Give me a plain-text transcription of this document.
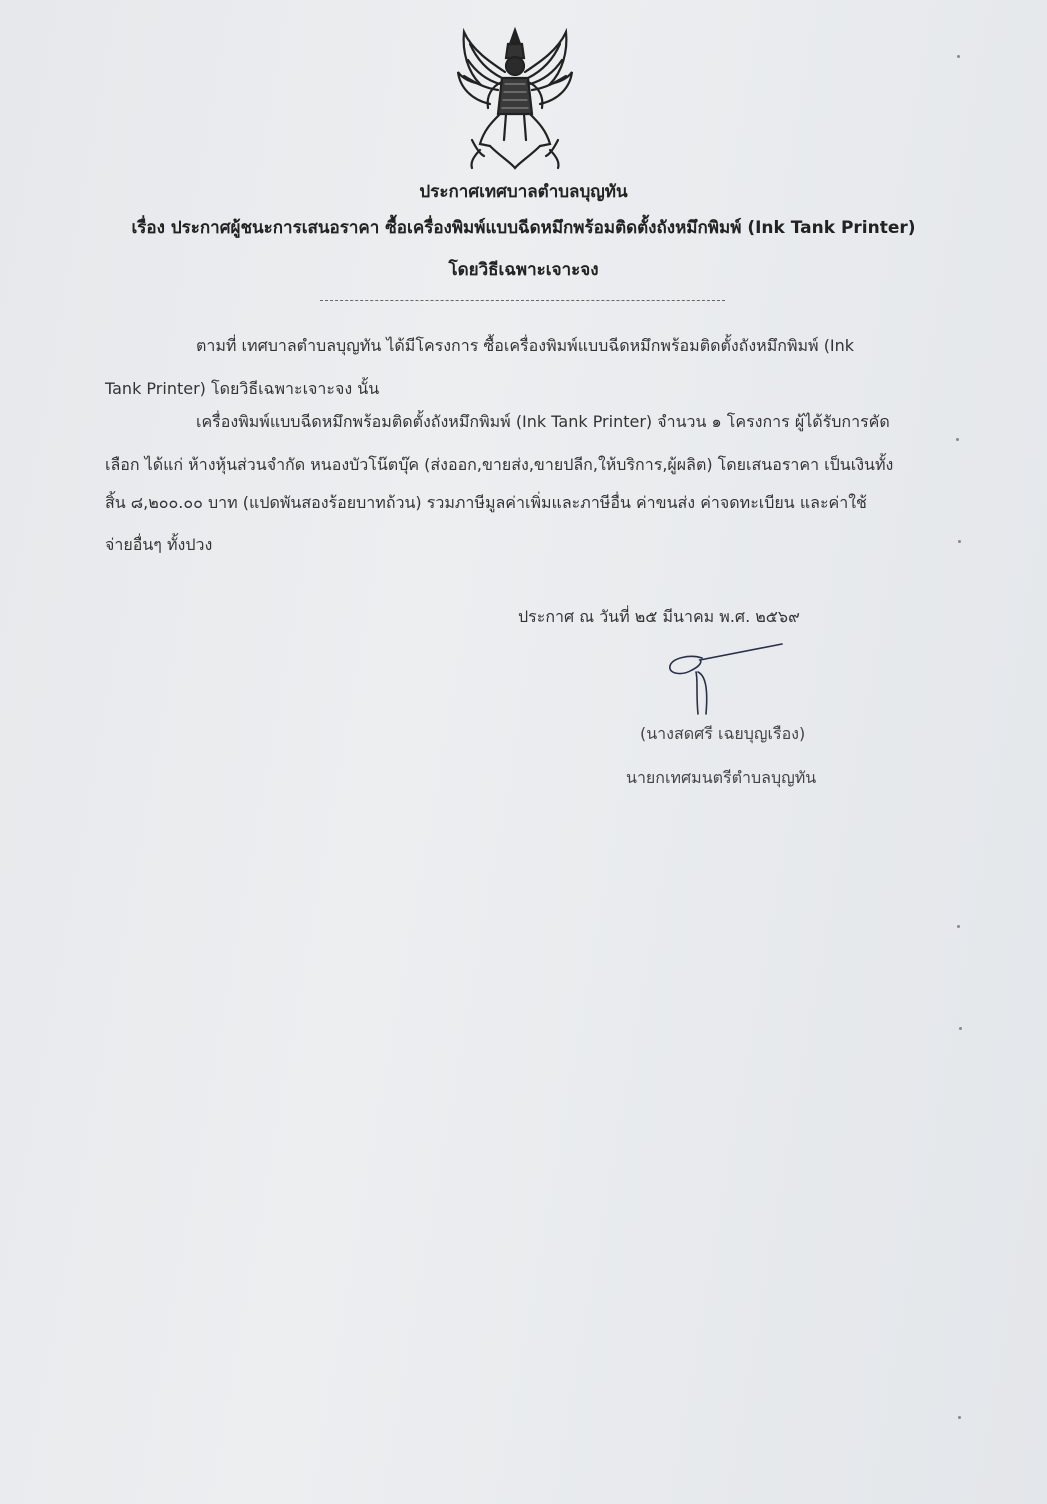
ประกาศเทศบาลตำบลบุญทัน
เรื่อง ประกาศผู้ชนะการเสนอราคา ซื้อเครื่องพิมพ์แบบฉีดหมึกพร้อมติดตั้งถังหมึกพิมพ์ (Ink Tank Printer)
โดยวิธีเฉพาะเจาะจง
ตามที่ เทศบาลตำบลบุญทัน ได้มีโครงการ ซื้อเครื่องพิมพ์แบบฉีดหมึกพร้อมติดตั้งถังหมึกพิมพ์ (Ink
Tank Printer) โดยวิธีเฉพาะเจาะจง นั้น
เครื่องพิมพ์แบบฉีดหมึกพร้อมติดตั้งถังหมึกพิมพ์ (Ink Tank Printer) จำนวน ๑ โครงการ ผู้ได้รับการคัด
เลือก ได้แก่ ห้างหุ้นส่วนจำกัด หนองบัวโน๊ตบุ๊ค (ส่งออก,ขายส่ง,ขายปลีก,ให้บริการ,ผู้ผลิต) โดยเสนอราคา เป็นเงินทั้ง
สิ้น ๘,๒๐๐.๐๐ บาท (แปดพันสองร้อยบาทถ้วน) รวมภาษีมูลค่าเพิ่มและภาษีอื่น ค่าขนส่ง ค่าจดทะเบียน และค่าใช้
จ่ายอื่นๆ ทั้งปวง
ประกาศ ณ วันที่ ๒๕ มีนาคม พ.ศ. ๒๕๖๙
(นางสดศรี เฉยบุญเรือง)
นายกเทศมนตรีตำบลบุญทัน
